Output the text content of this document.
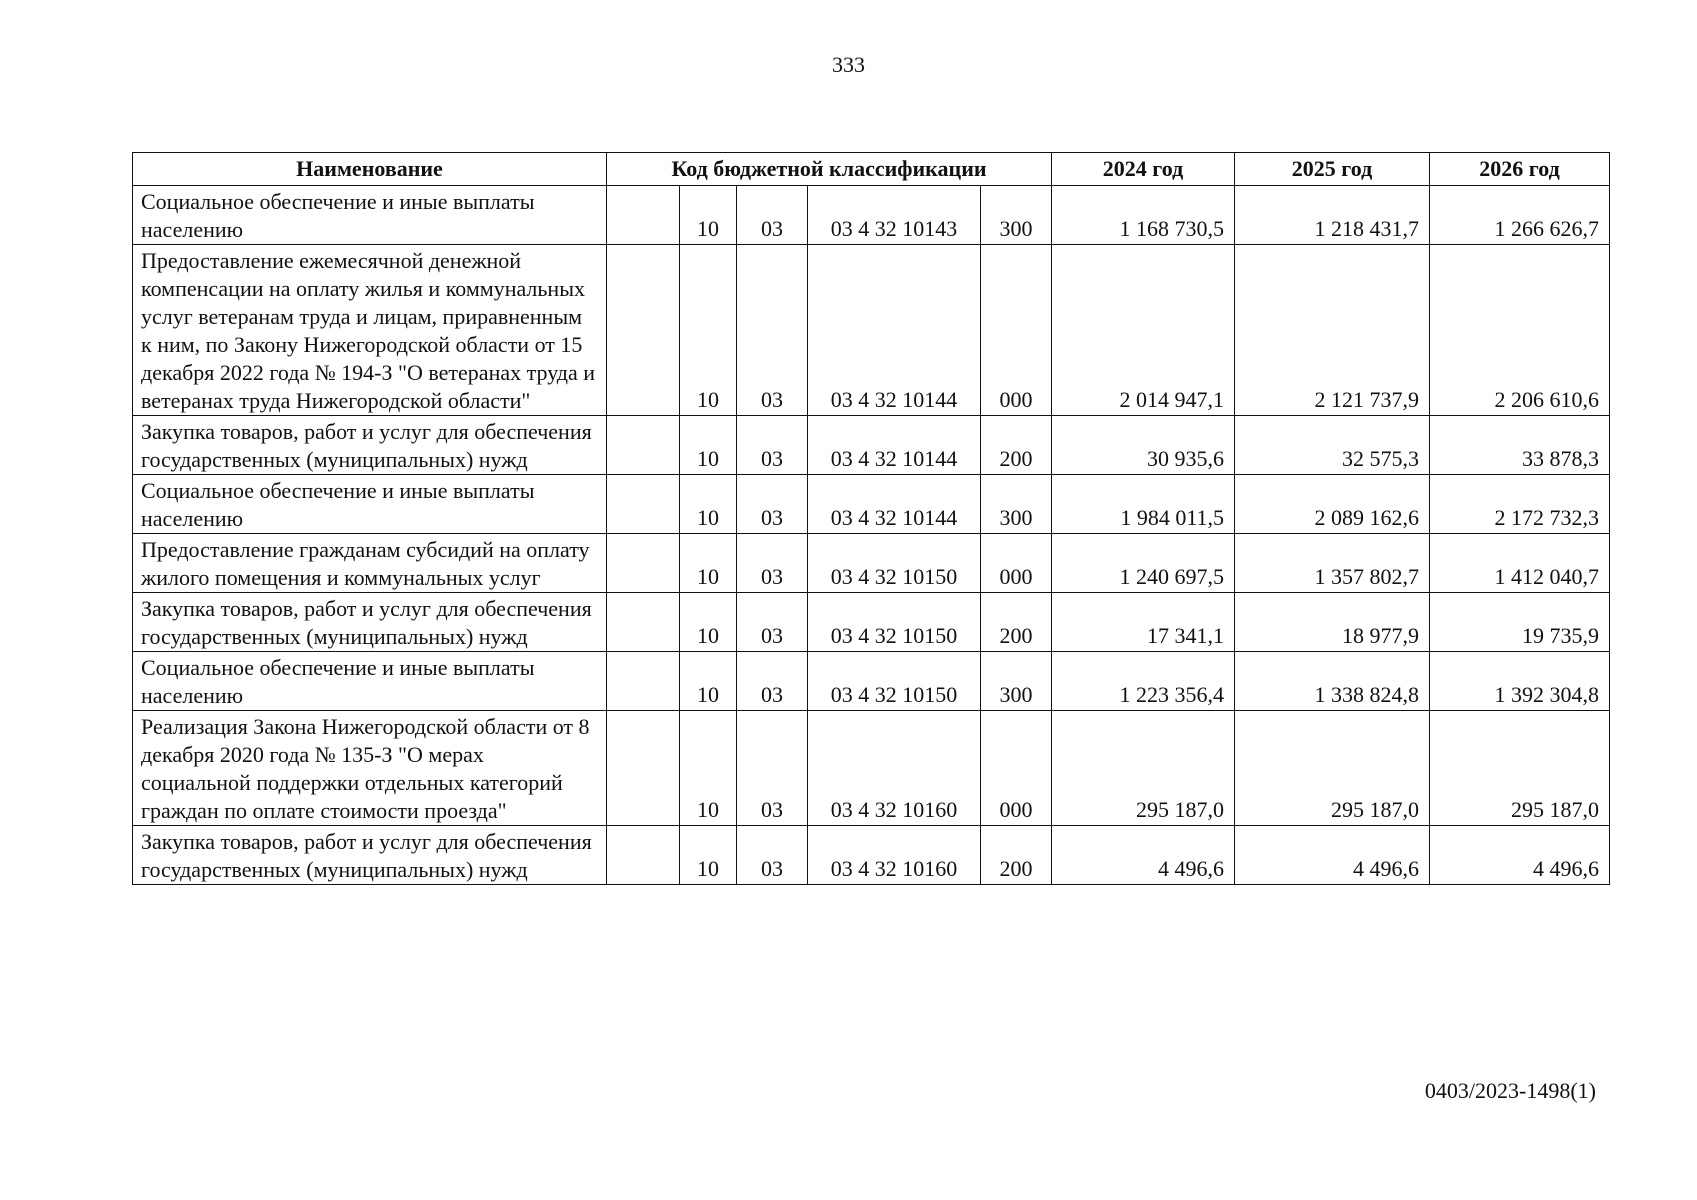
333
Наименование	Код бюджетной классификации					2024 год	2025 год	2026 год
Социальное обеспечение и иные выплаты населению		10	03	03 4 32 10143	300	1 168 730,5	1 218 431,7	1 266 626,7
Предоставление ежемесячной денежной компенсации на оплату жилья и коммунальных услуг ветеранам труда и лицам, приравненным к ним, по Закону Нижегородской области от 15 декабря 2022 года № 194-З "О ветеранах труда и ветеранах труда Нижегородской области"		10	03	03 4 32 10144	000	2 014 947,1	2 121 737,9	2 206 610,6
Закупка товаров, работ и услуг для обеспечения государственных (муниципальных) нужд		10	03	03 4 32 10144	200	30 935,6	32 575,3	33 878,3
Социальное обеспечение и иные выплаты населению		10	03	03 4 32 10144	300	1 984 011,5	2 089 162,6	2 172 732,3
Предоставление гражданам субсидий на оплату жилого помещения и коммунальных услуг		10	03	03 4 32 10150	000	1 240 697,5	1 357 802,7	1 412 040,7
Закупка товаров, работ и услуг для обеспечения государственных (муниципальных) нужд		10	03	03 4 32 10150	200	17 341,1	18 977,9	19 735,9
Социальное обеспечение и иные выплаты населению		10	03	03 4 32 10150	300	1 223 356,4	1 338 824,8	1 392 304,8
Реализация Закона Нижегородской области от 8 декабря 2020 года № 135-З "О мерах социальной поддержки отдельных категорий граждан по оплате стоимости проезда"		10	03	03 4 32 10160	000	295 187,0	295 187,0	295 187,0
Закупка товаров, работ и услуг для обеспечения государственных (муниципальных) нужд		10	03	03 4 32 10160	200	4 496,6	4 496,6	4 496,6
0403/2023-1498(1)
